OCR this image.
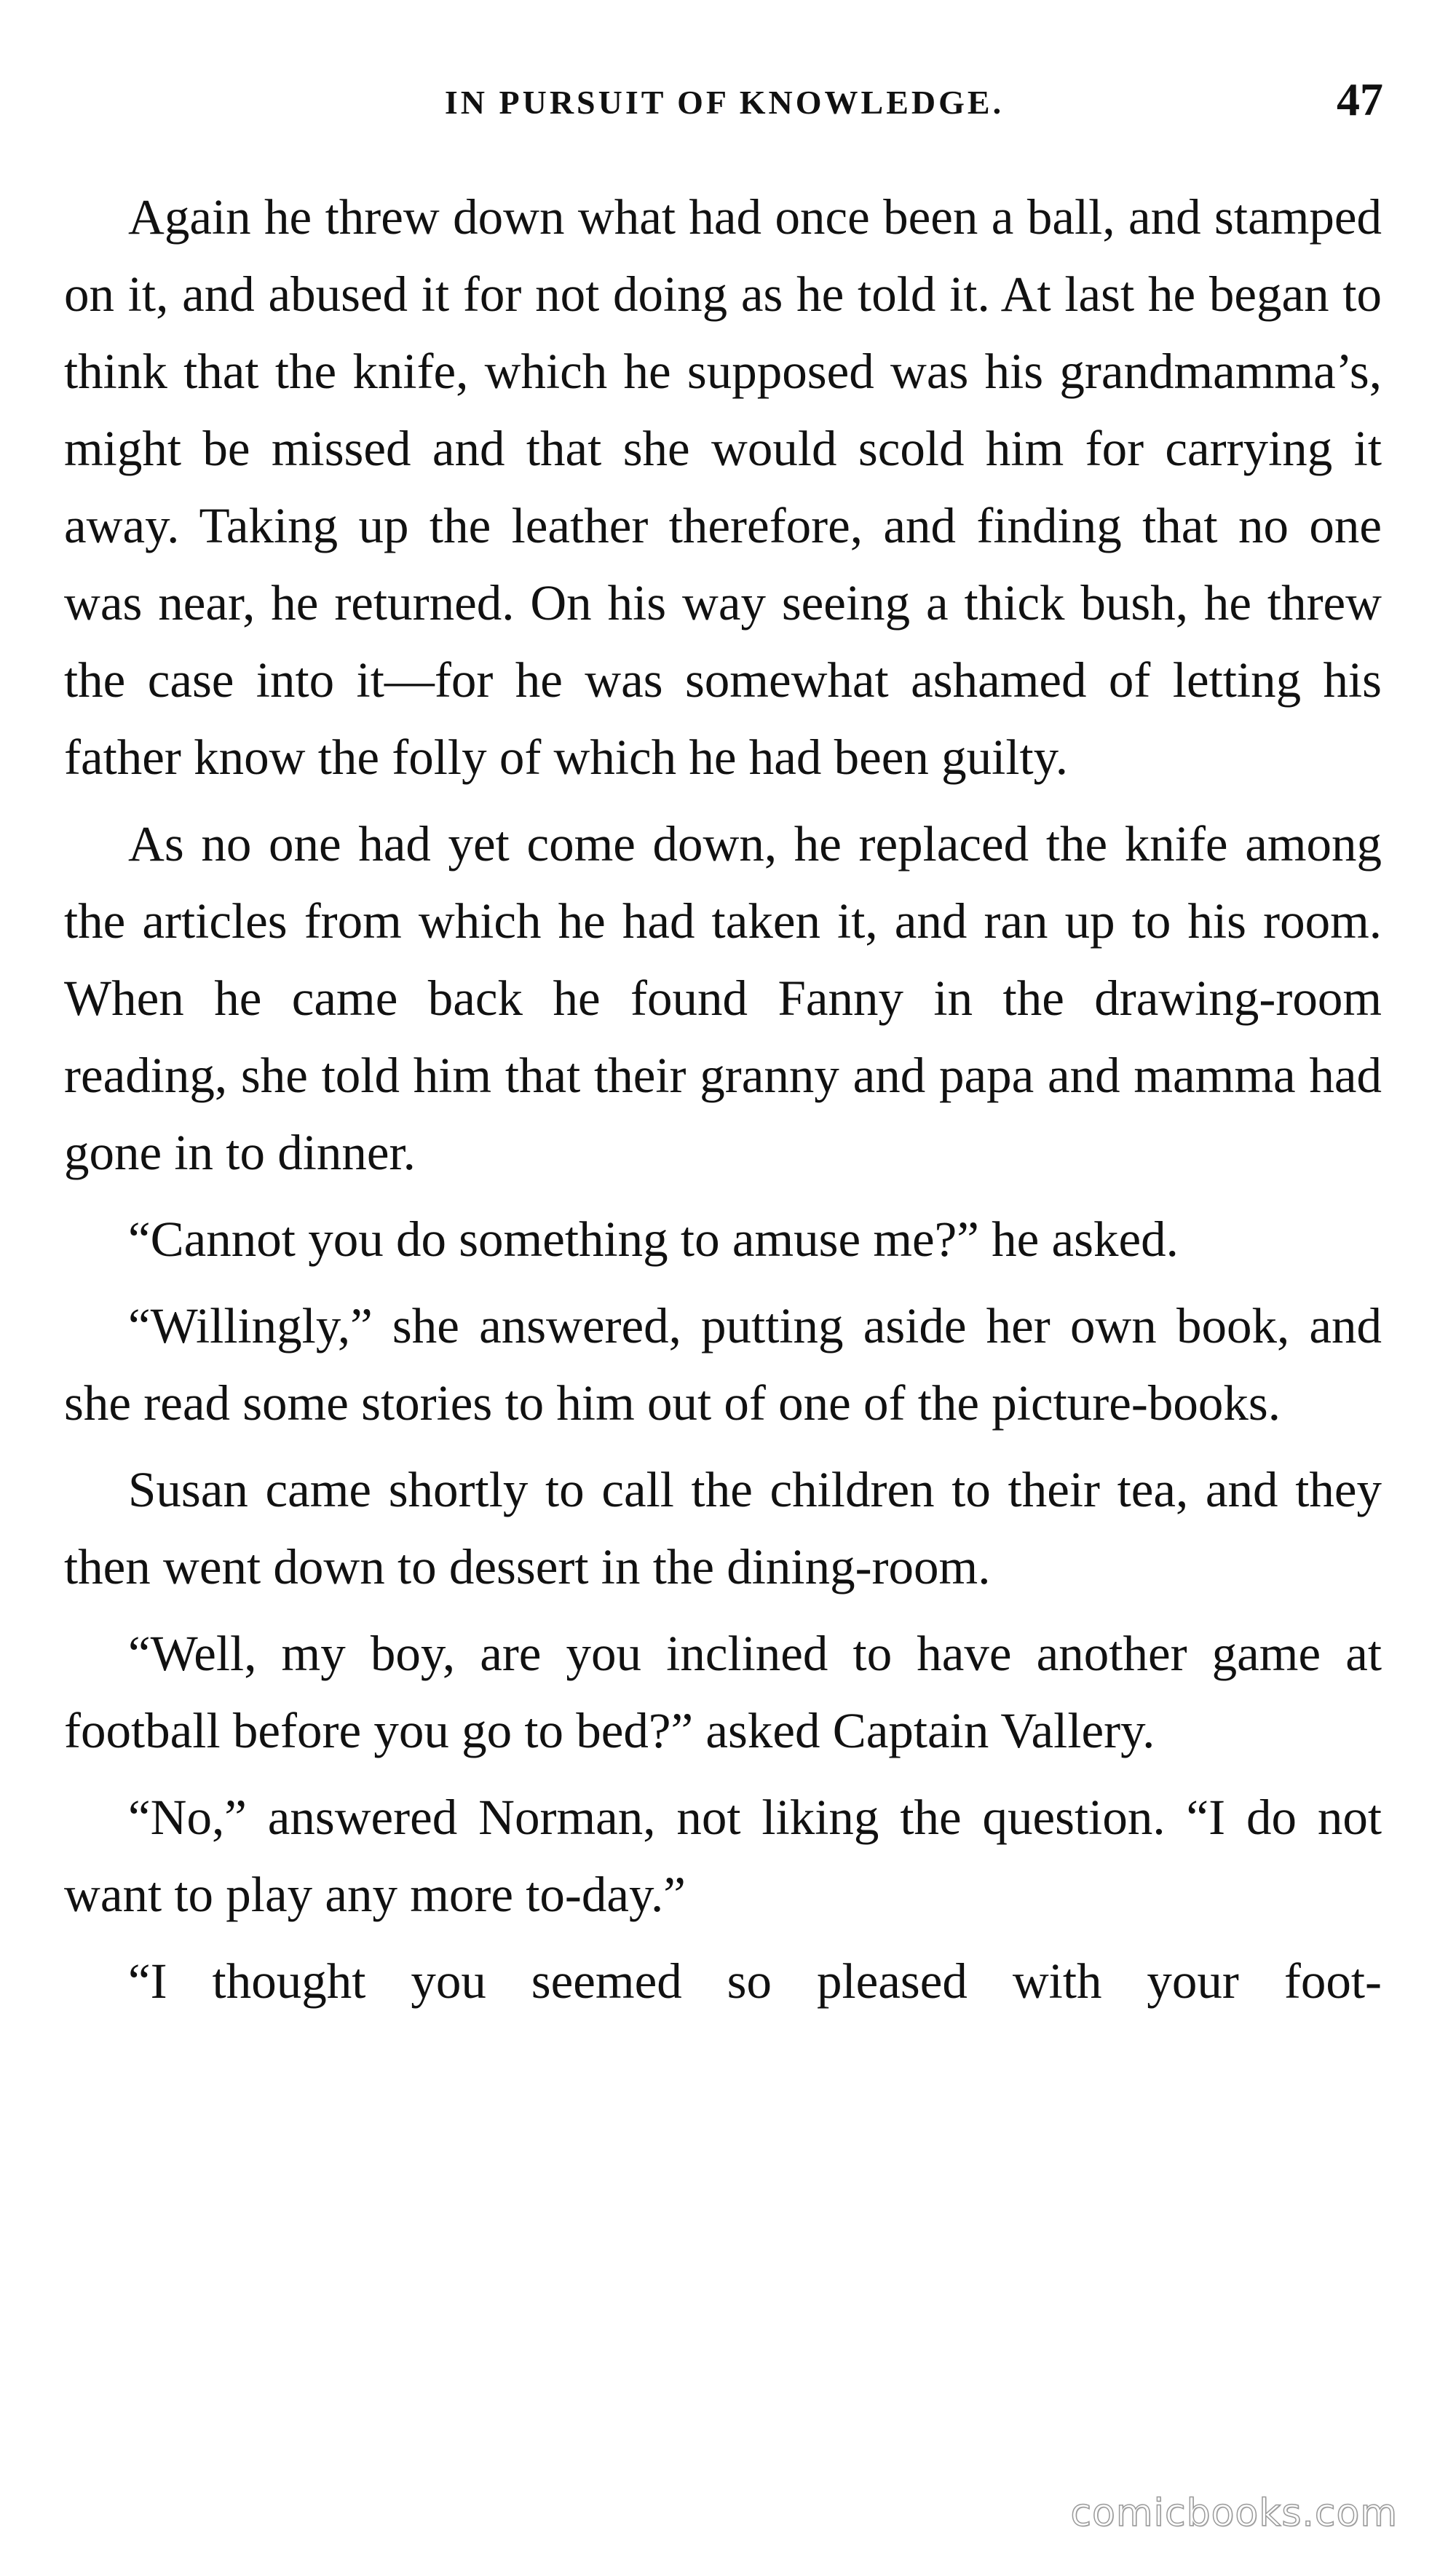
IN PURSUIT OF KNOWLEDGE.	47

Again he threw down what had once been a ball, and stamped on it, and abused it for not doing as he told it. At last he began to think that the knife, which he supposed was his grandmamma’s, might be missed and that she would scold him for carrying it away. Taking up the leather therefore, and finding that no one was near, he returned. On his way seeing a thick bush, he threw the case into it—for he was somewhat ashamed of letting his father know the folly of which he had been guilty.

As no one had yet come down, he replaced the knife among the articles from which he had taken it, and ran up to his room. When he came back he found Fanny in the drawing-room reading, she told him that their granny and papa and mamma had gone in to dinner.

“Cannot you do something to amuse me?” he asked.

“Willingly,” she answered, putting aside her own book, and she read some stories to him out of one of the picture-books.

Susan came shortly to call the children to their tea, and they then went down to dessert in the dining-room.

“Well, my boy, are you inclined to have another game at football before you go to bed?” asked Captain Vallery.

“No,” answered Norman, not liking the question. “I do not want to play any more to-day.”

“I thought you seemed so pleased with your foot-

comicbooks.com
